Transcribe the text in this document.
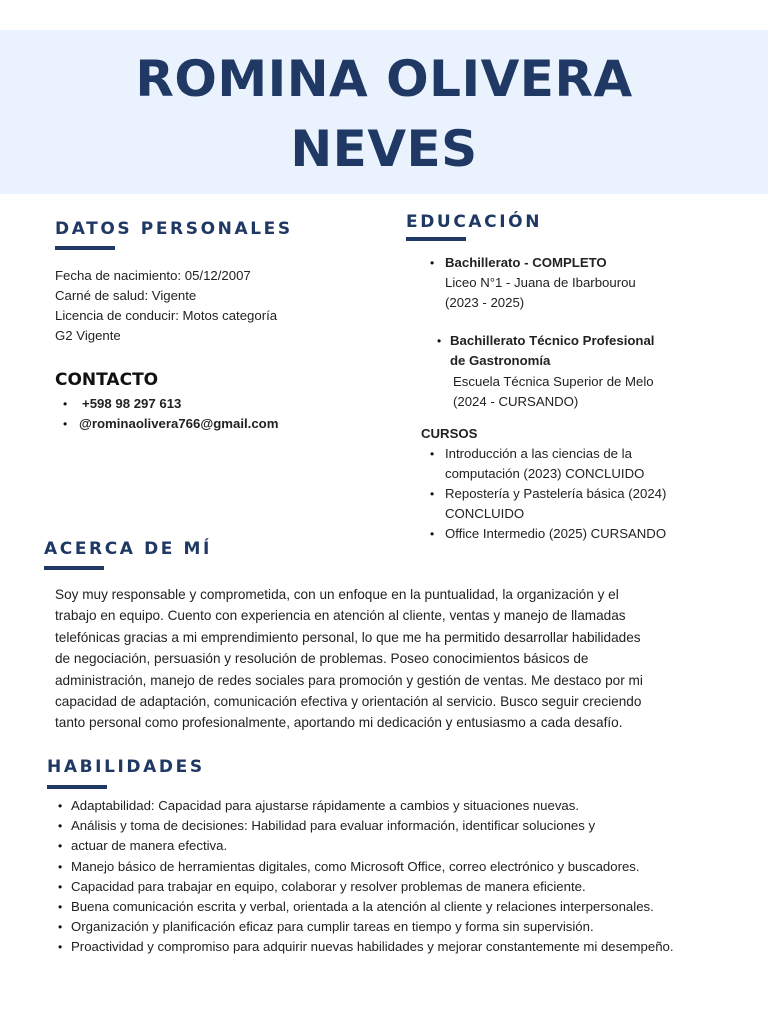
ROMINA OLIVERA
NEVES
DATOS PERSONALES
Fecha de nacimiento: 05/12/2007
Carné de salud: Vigente
Licencia de conducir: Motos categoría
G2 Vigente
CONTACTO
• +598 98 297 613
• @rominaolivera766@gmail.com
EDUCACIÓN
• Bachillerato - COMPLETO
Liceo N°1 - Juana de Ibarbourou
(2023 - 2025)
• Bachillerato Técnico Profesional
de Gastronomía
Escuela Técnica Superior de Melo
(2024 - CURSANDO)
CURSOS
• Introducción a las ciencias de la
computación (2023) CONCLUIDO
• Repostería y Pastelería básica (2024)
CONCLUIDO
• Office Intermedio (2025) CURSANDO
ACERCA DE MÍ
Soy muy responsable y comprometida, con un enfoque en la puntualidad, la organización y el
trabajo en equipo. Cuento con experiencia en atención al cliente, ventas y manejo de llamadas
telefónicas gracias a mi emprendimiento personal, lo que me ha permitido desarrollar habilidades
de negociación, persuasión y resolución de problemas. Poseo conocimientos básicos de
administración, manejo de redes sociales para promoción y gestión de ventas. Me destaco por mi
capacidad de adaptación, comunicación efectiva y orientación al servicio. Busco seguir creciendo
tanto personal como profesionalmente, aportando mi dedicación y entusiasmo a cada desafío.
HABILIDADES
• Adaptabilidad: Capacidad para ajustarse rápidamente a cambios y situaciones nuevas.
• Análisis y toma de decisiones: Habilidad para evaluar información, identificar soluciones y
• actuar de manera efectiva.
• Manejo básico de herramientas digitales, como Microsoft Office, correo electrónico y buscadores.
• Capacidad para trabajar en equipo, colaborar y resolver problemas de manera eficiente.
• Buena comunicación escrita y verbal, orientada a la atención al cliente y relaciones interpersonales.
• Organización y planificación eficaz para cumplir tareas en tiempo y forma sin supervisión.
• Proactividad y compromiso para adquirir nuevas habilidades y mejorar constantemente mi desempeño.
